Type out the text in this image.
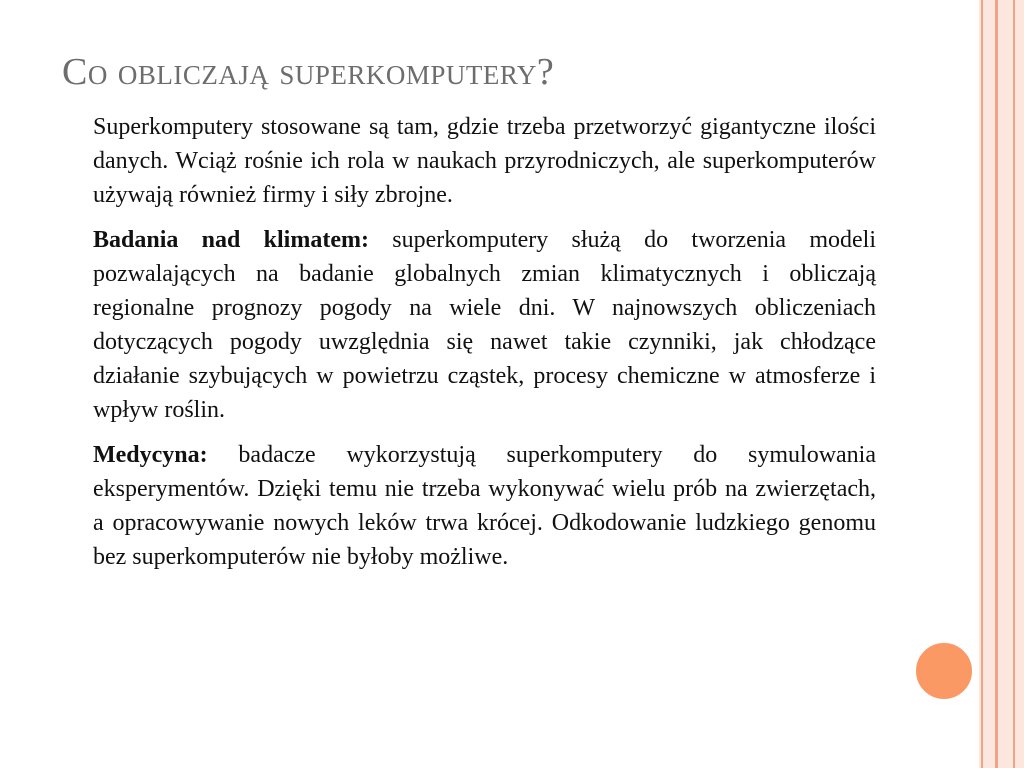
Co obliczają superkomputery?

Superkomputery stosowane są tam, gdzie trzeba przetworzyć gigantyczne ilości danych. Wciąż rośnie ich rola w naukach przyrodniczych, ale superkomputerów używają również firmy i siły zbrojne.

Badania nad klimatem: superkomputery służą do tworzenia modeli pozwalających na badanie globalnych zmian klimatycznych i obliczają regionalne prognozy pogody na wiele dni. W najnowszych obliczeniach dotyczących pogody uwzględnia się nawet takie czynniki, jak chłodzące działanie szybujących w powietrzu cząstek, procesy chemiczne w atmosferze i wpływ roślin.

Medycyna: badacze wykorzystują superkomputery do symulowania eksperymentów. Dzięki temu nie trzeba wykonywać wielu prób na zwierzętach, a opracowywanie nowych leków trwa krócej. Odkodowanie ludzkiego genomu bez superkomputerów nie byłoby możliwe.
